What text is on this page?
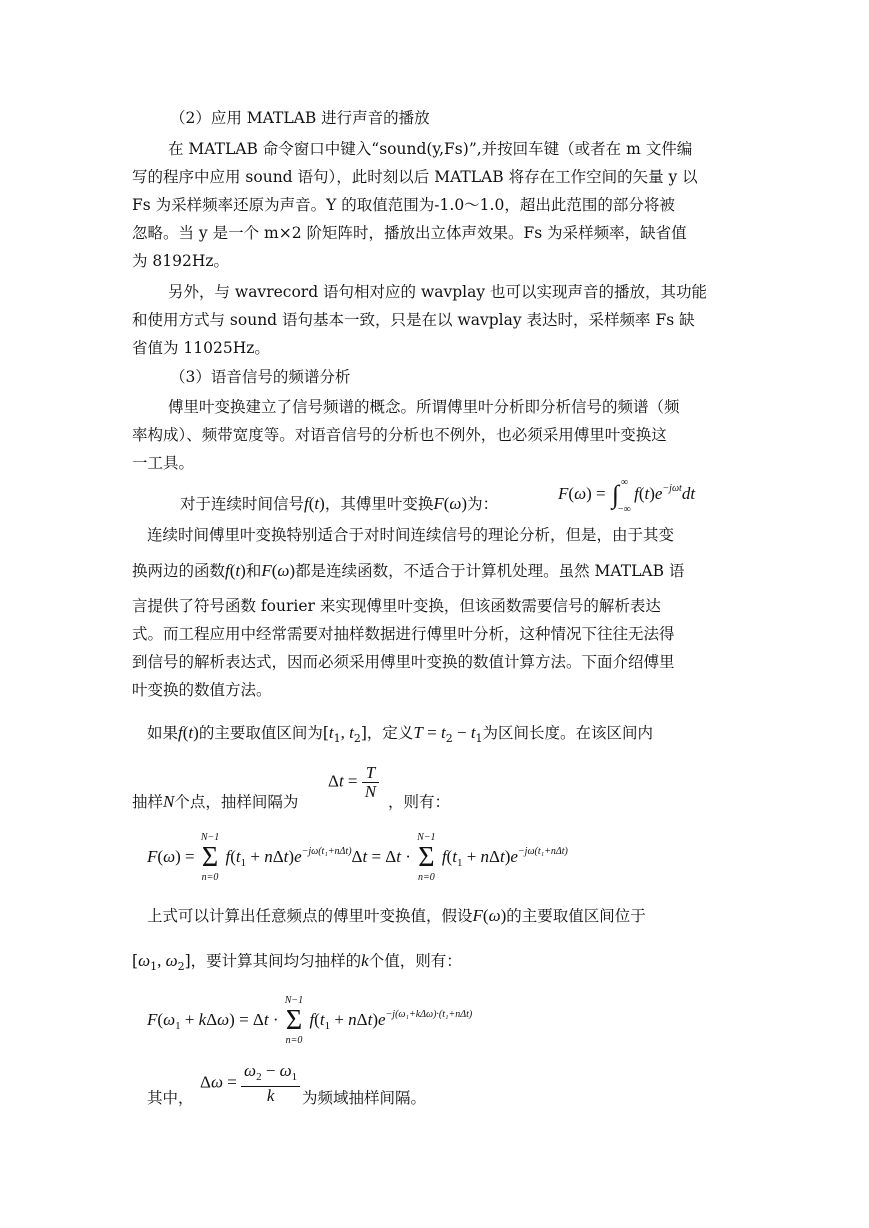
（2）应用 MATLAB 进行声音的播放
在 MATLAB 命令窗口中键入“sound(y,Fs)”,并按回车键（或者在 m 文件编
写的程序中应用 sound 语句），此时刻以后 MATLAB 将存在工作空间的矢量 y 以
Fs 为采样频率还原为声音。Y 的取值范围为-1.0～1.0，超出此范围的部分将被
忽略。当 y 是一个 m×2 阶矩阵时，播放出立体声效果。Fs 为采样频率，缺省值
为 8192Hz。
另外，与 wavrecord 语句相对应的 wavplay 也可以实现声音的播放，其功能
和使用方式与 sound 语句基本一致，只是在以 wavplay 表达时，采样频率 Fs 缺
省值为 11025Hz。
（3）语音信号的频谱分析
傅里叶变换建立了信号频谱的概念。所谓傅里叶分析即分析信号的频谱（频
率构成）、频带宽度等。对语音信号的分析也不例外，也必须采用傅里叶变换这
一工具。
对于连续时间信号f(t)，其傅里叶变换F(ω)为：
F(ω) = ∫ ∞
−∞
$f(t)e^{-j\omega t}dt$
连续时间傅里叶变换特别适合于对时间连续信号的理论分析，但是，由于其变
换两边的函数f(t)和F(ω)都是连续函数，不适合于计算机处理。虽然 MATLAB 语
言提供了符号函数 fourier 来实现傅里叶变换，但该函数需要信号的解析表达
式。而工程应用中经常需要对抽样数据进行傅里叶分析，这种情况下往往无法得
到信号的解析表达式，因而必须采用傅里叶变换的数值计算方法。下面介绍傅里
叶变换的数值方法。
如果f(t)的主要取值区间为[$t_1$, $t_2$]，定义$T = t_2 - t_1$为区间长度。在该区间内
抽样N个点，抽样间隔为
$\Delta t = \frac{T}{N}$
，则有：
F(ω) =
N−1
Σ
n=0
$f(t_1 + n\Delta t)e^{-j\omega(t_1+n\Delta t)}\Delta t = \Delta t$ ·
N−1
Σ
n=0
$f(t_1 + n\Delta t)e^{-j\omega(t_1+n\Delta t)}$
上式可以计算出任意频点的傅里叶变换值，假设F(ω)的主要取值区间位于
[$\omega_1$, $\omega_2$]，要计算其间均匀抽样的k个值，则有：
$F(\omega_1 + k\Delta\omega) = \Delta t$ ·
N−1
Σ
n=0
$f(t_1 + n\Delta t)e^{-j(\omega_1+k\Delta\omega)\cdot(t_1+n\Delta t)}$
其中，
$\Delta\omega = \frac{\omega_2 - \omega_1}{k}$ 为频域抽样间隔。
